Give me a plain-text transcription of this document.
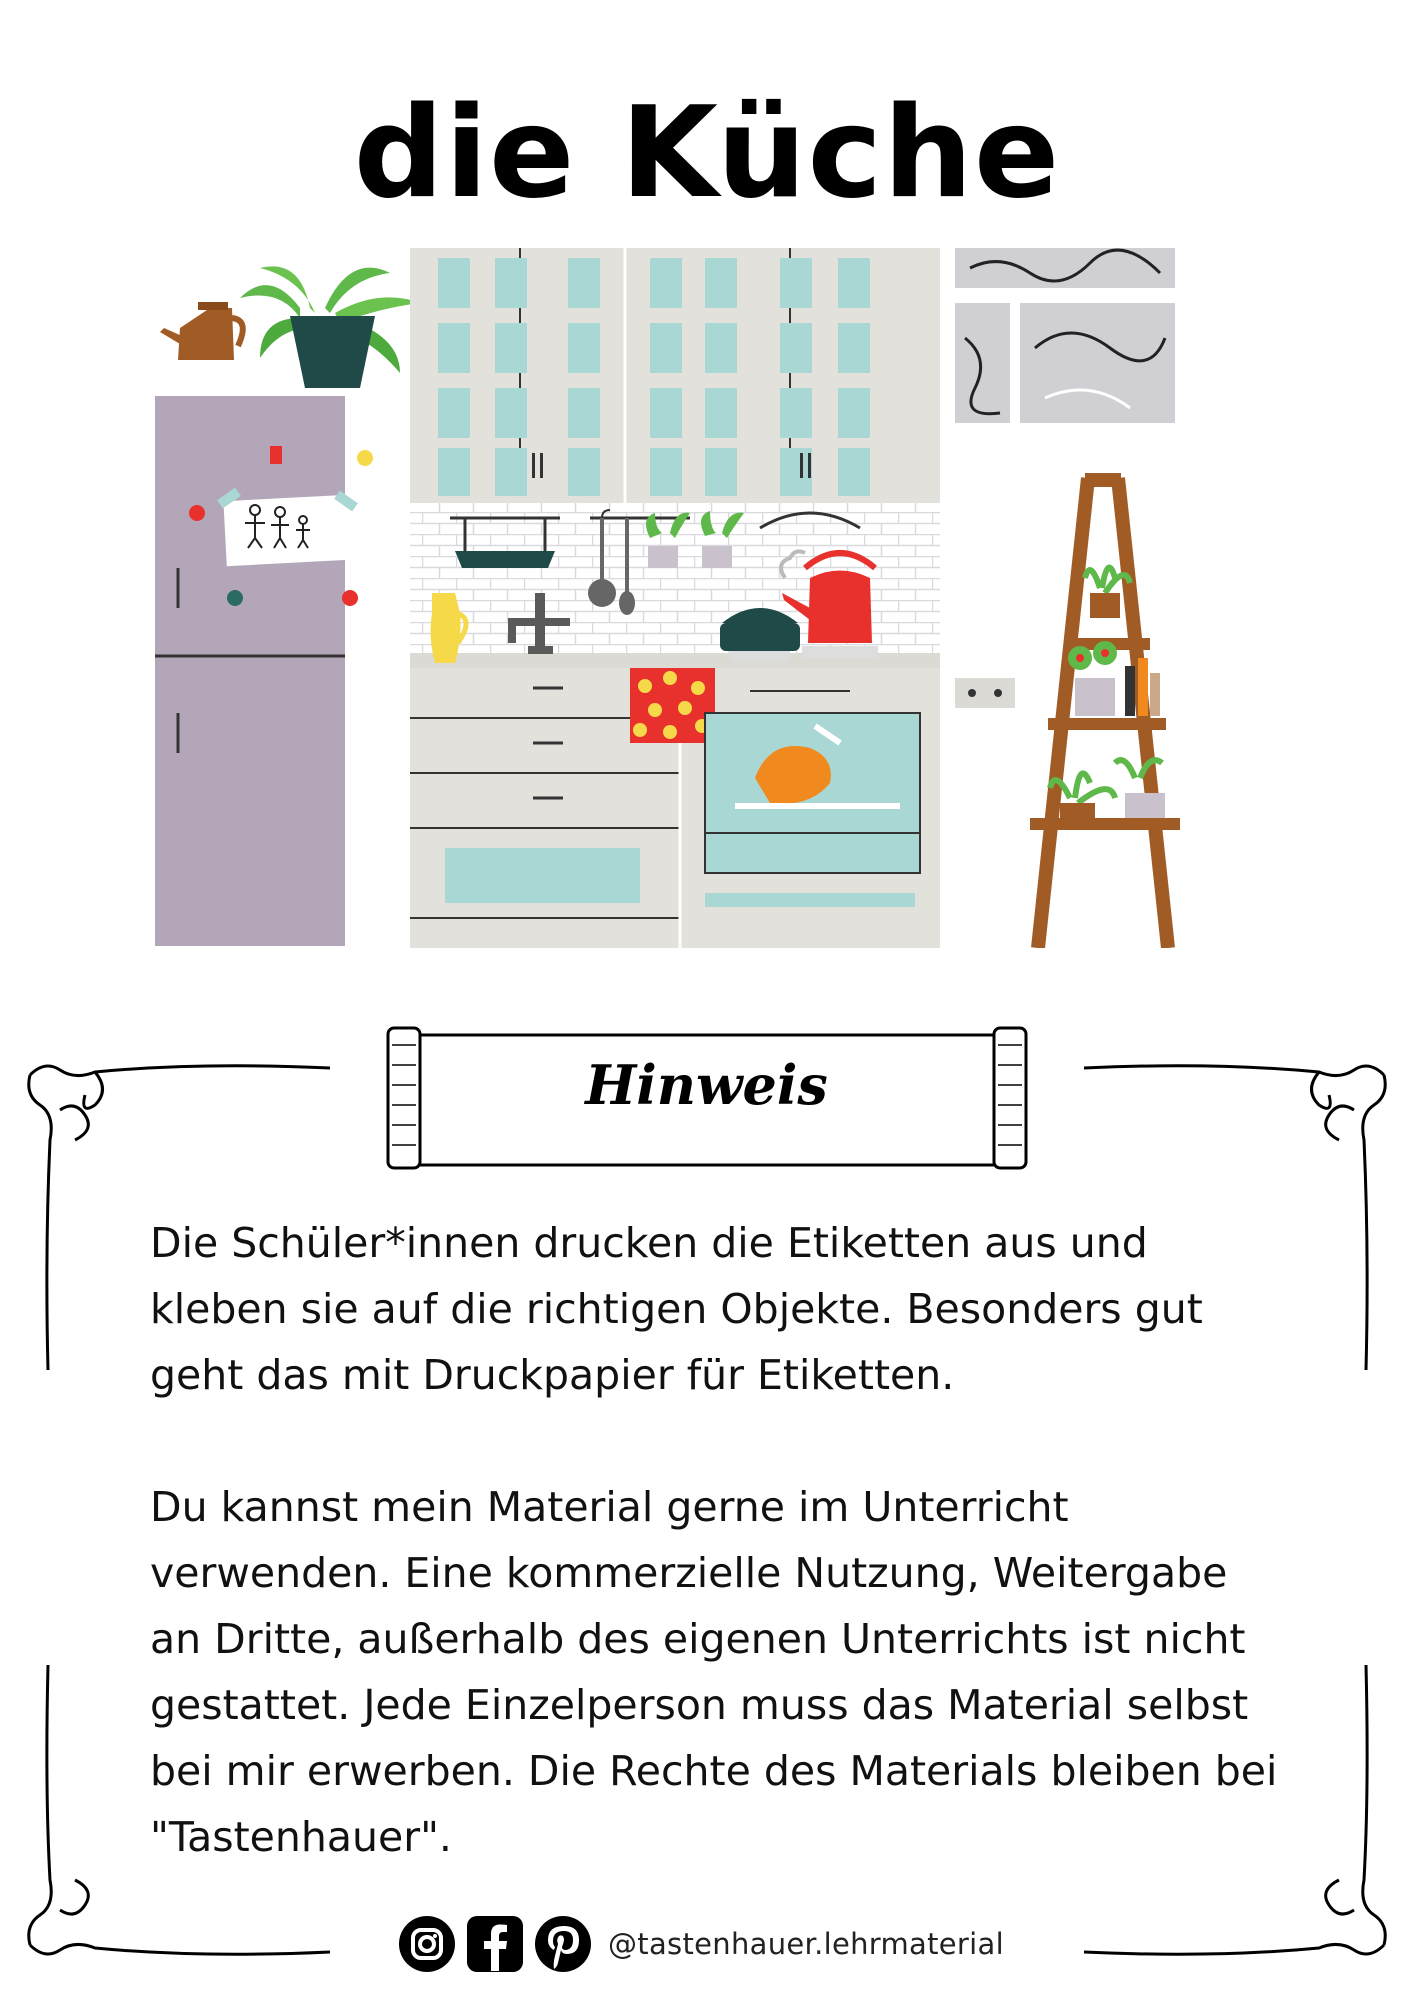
die Küche
Hinweis

Die Schüler*innen drucken die Etiketten aus und kleben sie auf die richtigen Objekte. Besonders gut geht das mit Druckpapier für Etiketten.

Du kannst mein Material gerne im Unterricht verwenden. Eine kommerzielle Nutzung, Weitergabe an Dritte, außerhalb des eigenen Unterrichts ist nicht gestattet. Jede Einzelperson muss das Material selbst bei mir erwerben. Die Rechte des Materials bleiben bei "Tastenhauer".

@tastenhauer.lehrmaterial
